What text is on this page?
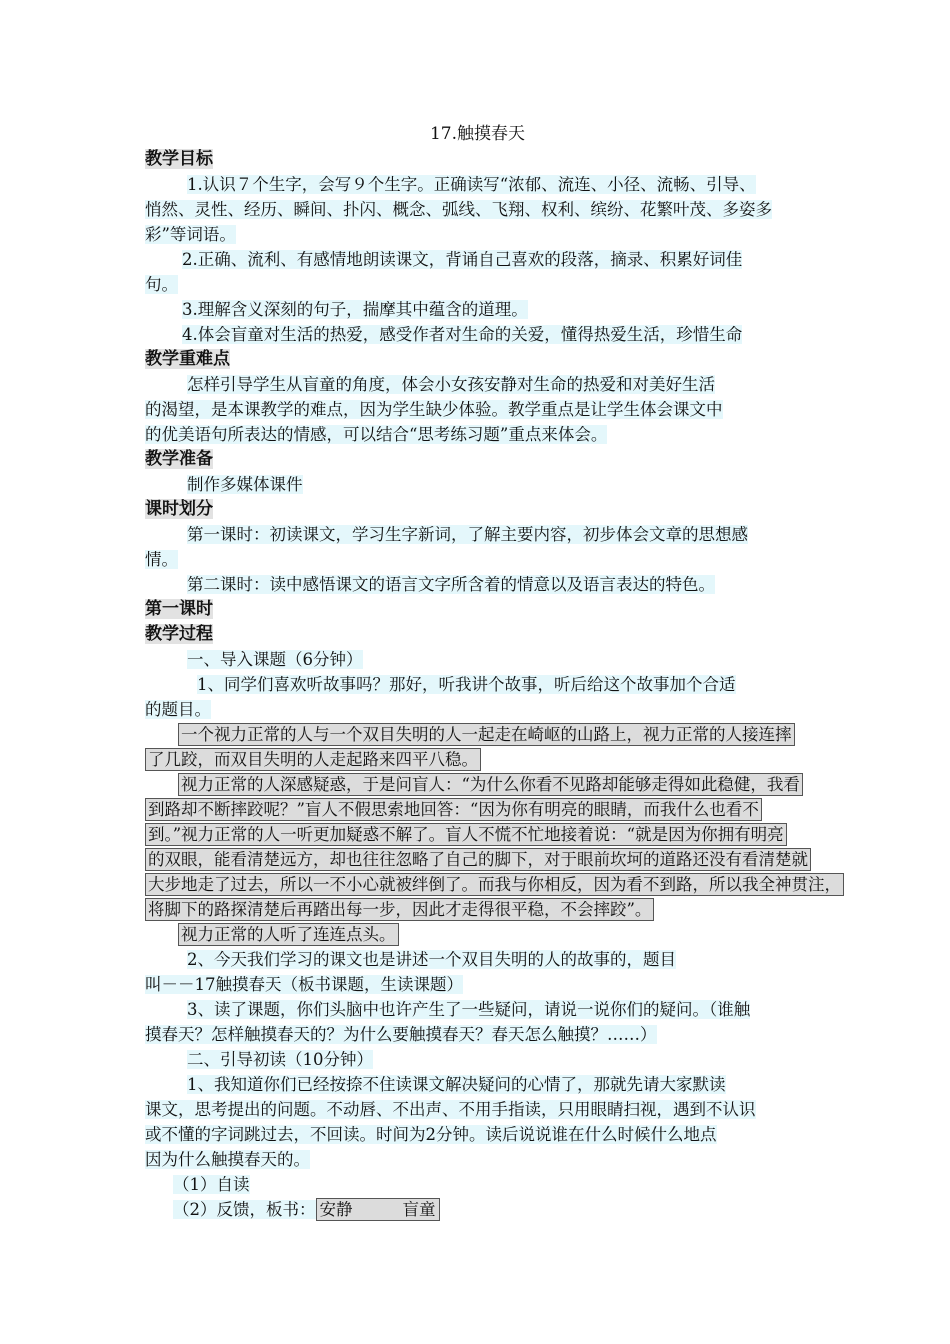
17.触摸春天
教学目标
1.认识７个生字，会写９个生字。正确读写“浓郁、流连、小径、流畅、引导、
悄然、灵性、经历、瞬间、扑闪、概念、弧线、飞翔、权利、缤纷、花繁叶茂、多姿多
彩”等词语。
2.正确、流利、有感情地朗读课文，背诵自己喜欢的段落，摘录、积累好词佳
句。
3.理解含义深刻的句子，揣摩其中蕴含的道理。
4.体会盲童对生活的热爱，感受作者对生命的关爱，懂得热爱生活，珍惜生命
教学重难点
怎样引导学生从盲童的角度，体会小女孩安静对生命的热爱和对美好生活
的渴望，是本课教学的难点，因为学生缺少体验。教学重点是让学生体会课文中
的优美语句所表达的情感，可以结合“思考练习题”重点来体会。
教学准备
制作多媒体课件
课时划分
第一课时：初读课文，学习生字新词，了解主要内容，初步体会文章的思想感
情。
第二课时：读中感悟课文的语言文字所含着的情意以及语言表达的特色。
第一课时
教学过程
一、导入课题（6分钟）
1、同学们喜欢听故事吗？那好，听我讲个故事，听后给这个故事加个合适
的题目。
一个视力正常的人与一个双目失明的人一起走在崎岖的山路上，视力正常的人接连摔
了几跤，而双目失明的人走起路来四平八稳。
视力正常的人深感疑惑，于是问盲人：“为什么你看不见路却能够走得如此稳健，我看
到路却不断摔跤呢？”盲人不假思索地回答：“因为你有明亮的眼睛，而我什么也看不
到。”视力正常的人一听更加疑惑不解了。盲人不慌不忙地接着说：“就是因为你拥有明亮
的双眼，能看清楚远方，却也往往忽略了自己的脚下，对于眼前坎坷的道路还没有看清楚就
大步地走了过去，所以一不小心就被绊倒了。而我与你相反，因为看不到路，所以我全神贯注，
将脚下的路探清楚后再踏出每一步，因此才走得很平稳，不会摔跤”。
视力正常的人听了连连点头。
2、今天我们学习的课文也是讲述一个双目失明的人的故事的，题目
叫－－17触摸春天（板书课题，生读课题）
3、读了课题，你们头脑中也许产生了一些疑问，请说一说你们的疑问。（谁触
摸春天？怎样触摸春天的？为什么要触摸春天？春天怎么触摸？……）
二、引导初读（10分钟）
1、我知道你们已经按捺不住读课文解决疑问的心情了，那就先请大家默读
课文，思考提出的问题。不动唇、不出声、不用手指读，只用眼睛扫视，遇到不认识
或不懂的字词跳过去，不回读。时间为2分钟。读后说说谁在什么时候什么地点
因为什么触摸春天的。
（1）自读
（2）反馈，板书： 安静	盲童
